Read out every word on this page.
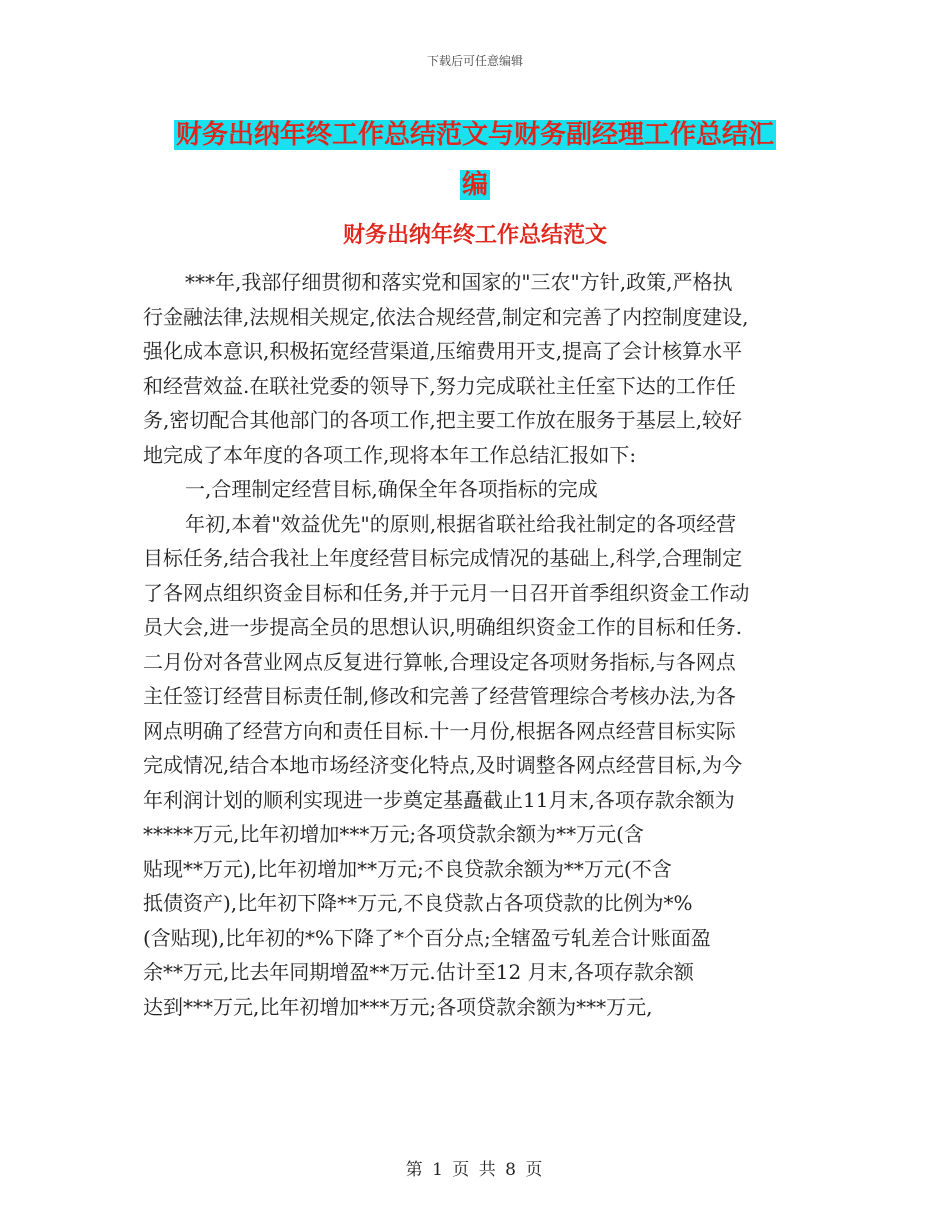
下载后可任意编辑
财务出纳年终工作总结范文与财务副经理工作总结汇
编
财务出纳年终工作总结范文
***年,我部仔细贯彻和落实党和国家的"三农"方针,政策,严格执
行金融法律,法规相关规定,依法合规经营,制定和完善了内控制度建设,
强化成本意识,积极拓宽经营渠道,压缩费用开支,提高了会计核算水平
和经营效益.在联社党委的领导下,努力完成联社主任室下达的工作任
务,密切配合其他部门的各项工作,把主要工作放在服务于基层上,较好
地完成了本年度的各项工作,现将本年工作总结汇报如下:
一,合理制定经营目标,确保全年各项指标的完成
年初,本着"效益优先"的原则,根据省联社给我社制定的各项经营
目标任务,结合我社上年度经营目标完成情况的基础上,科学,合理制定
了各网点组织资金目标和任务,并于元月一日召开首季组织资金工作动
员大会,进一步提高全员的思想认识,明确组织资金工作的目标和任务.
二月份对各营业网点反复进行算帐,合理设定各项财务指标,与各网点
主任签订经营目标责任制,修改和完善了经营管理综合考核办法,为各
网点明确了经营方向和责任目标.十一月份,根据各网点经营目标实际
完成情况,结合本地市场经济变化特点,及时调整各网点经营目标,为今
年利润计划的顺利实现进一步奠定基矗截止11月末,各项存款余额为
*****万元,比年初增加***万元;各项贷款余额为**万元(含
贴现**万元),比年初增加**万元;不良贷款余额为**万元(不含
抵债资产),比年初下降**万元,不良贷款占各项贷款的比例为*%
(含贴现),比年初的*%下降了*个百分点;全辖盈亏轧差合计账面盈
余**万元,比去年同期增盈**万元.估计至12 月末,各项存款余额
达到***万元,比年初增加***万元;各项贷款余额为***万元,
第 1 页 共 8 页
